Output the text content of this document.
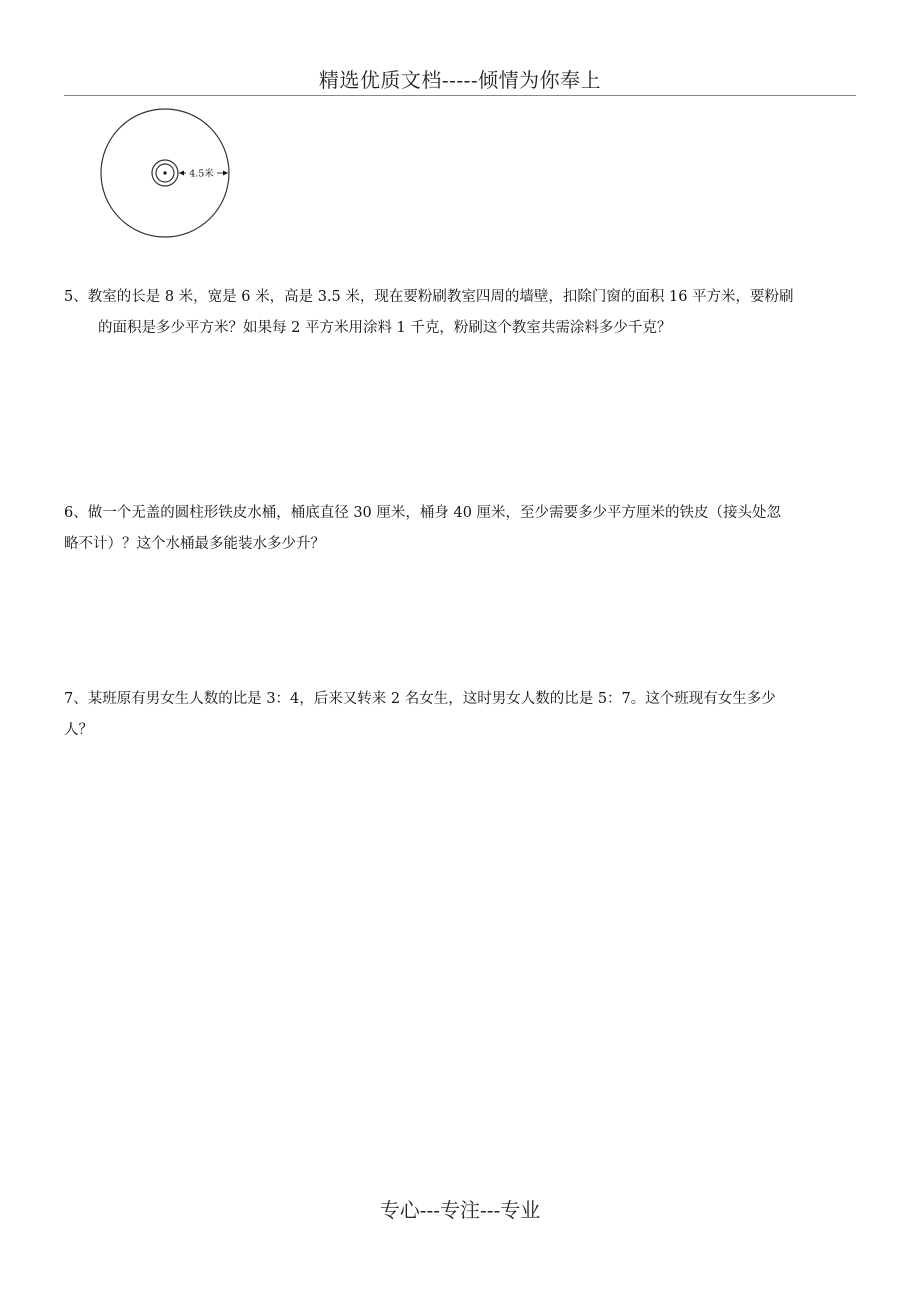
精选优质文档-----倾情为你奉上
4.5米
5、教室的长是 8 米，宽是 6 米，高是 3.5 米，现在要粉刷教室四周的墙壁，扣除门窗的面积 16 平方米，要粉刷
的面积是多少平方米？如果每 2 平方米用涂料 1 千克，粉刷这个教室共需涂料多少千克？
6、做一个无盖的圆柱形铁皮水桶，桶底直径 30 厘米，桶身 40 厘米，至少需要多少平方厘米的铁皮（接头处忽
略不计）？这个水桶最多能装水多少升？
7、某班原有男女生人数的比是 3：4，后来又转来 2 名女生，这时男女人数的比是 5：7。这个班现有女生多少
人？
专心---专注---专业
